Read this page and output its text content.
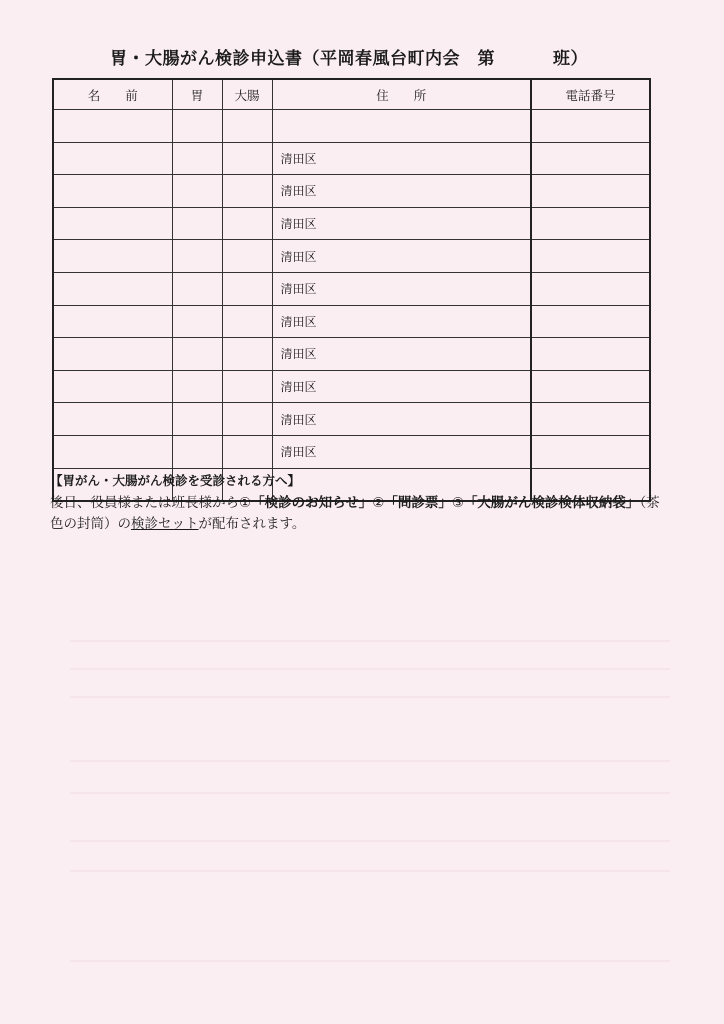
胃・大腸がん検診申込書（平岡春風台町内会　第	班）
名　　前	胃	大腸	住　　所	電話番号

			清田区	
			清田区	
			清田区	
			清田区	
			清田区	
			清田区	
			清田区	
			清田区	
			清田区	
			清田区	

【胃がん・大腸がん検診を受診される方へ】
後日、役員様または班長様から①「検診のお知らせ」②「問診票」③「大腸がん検診検体収納袋」（茶色の封筒）の検診セットが配布されます。
